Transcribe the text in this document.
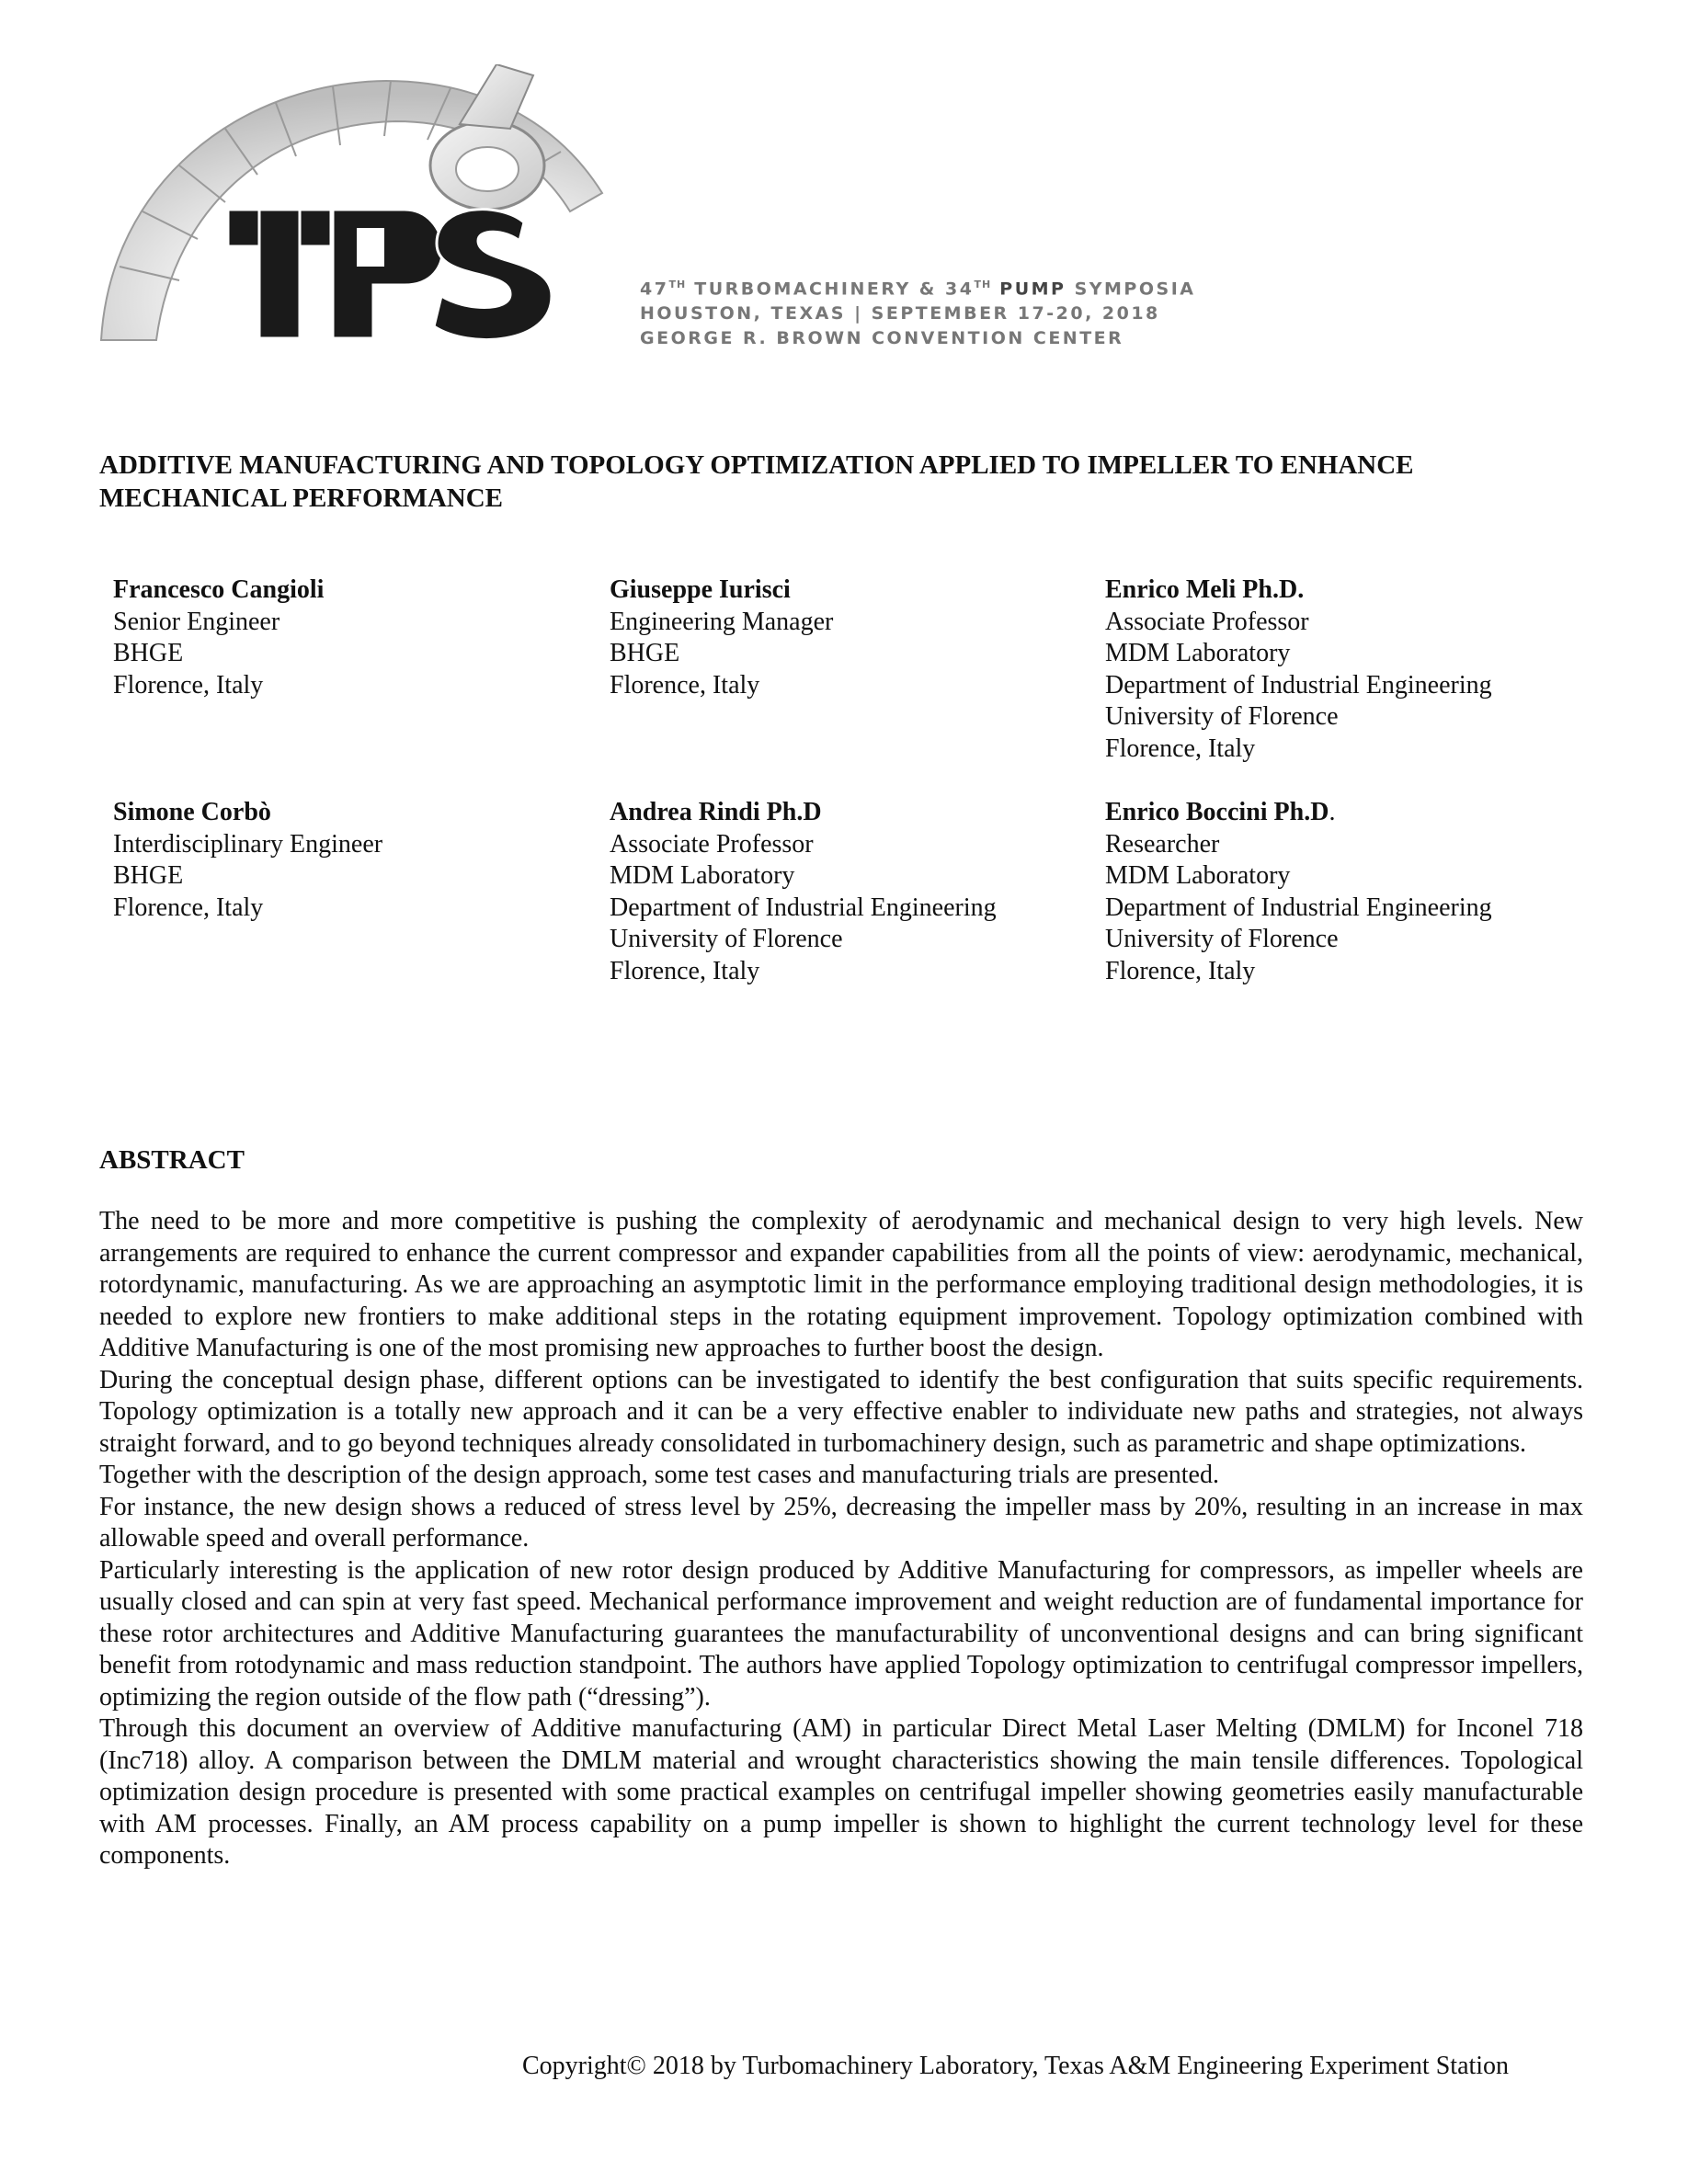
TPS
47TH TURBOMACHINERY & 34TH PUMP SYMPOSIA
HOUSTON, TEXAS | SEPTEMBER 17-20, 2018
GEORGE R. BROWN CONVENTION CENTER
ADDITIVE MANUFACTURING AND TOPOLOGY OPTIMIZATION APPLIED TO IMPELLER TO ENHANCE
MECHANICAL PERFORMANCE
Francesco Cangioli
Senior Engineer
BHGE
Florence, Italy
Giuseppe Iurisci
Engineering Manager
BHGE
Florence, Italy
Enrico Meli Ph.D.
Associate Professor
MDM Laboratory
Department of Industrial Engineering
University of Florence
Florence, Italy
Simone Corbò
Interdisciplinary Engineer
BHGE
Florence, Italy
Andrea Rindi Ph.D
Associate Professor
MDM Laboratory
Department of Industrial Engineering
University of Florence
Florence, Italy
Enrico Boccini Ph.D.
Researcher
MDM Laboratory
Department of Industrial Engineering
University of Florence
Florence, Italy
ABSTRACT

The need to be more and more competitive is pushing the complexity of aerodynamic and mechanical design to very high levels. New arrangements are required to enhance the current compressor and expander capabilities from all the points of view: aerodynamic, mechanical, rotordynamic, manufacturing. As we are approaching an asymptotic limit in the performance employing traditional design methodologies, it is needed to explore new frontiers to make additional steps in the rotating equipment improvement. Topology optimization combined with Additive Manufacturing is one of the most promising new approaches to further boost the design.

During the conceptual design phase, different options can be investigated to identify the best configuration that suits specific requirements. Topology optimization is a totally new approach and it can be a very effective enabler to individuate new paths and strategies, not always straight forward, and to go beyond techniques already consolidated in turbomachinery design, such as parametric and shape optimizations.

Together with the description of the design approach, some test cases and manufacturing trials are presented.

For instance, the new design shows a reduced of stress level by 25%, decreasing the impeller mass by 20%, resulting in an increase in max allowable speed and overall performance.

Particularly interesting is the application of new rotor design produced by Additive Manufacturing for compressors, as impeller wheels are usually closed and can spin at very fast speed. Mechanical performance improvement and weight reduction are of fundamental importance for these rotor architectures and Additive Manufacturing guarantees the manufacturability of unconventional designs and can bring significant benefit from rotodynamic and mass reduction standpoint. The authors have applied Topology optimization to centrifugal compressor impellers, optimizing the region outside of the flow path (“dressing”).

Through this document an overview of Additive manufacturing (AM) in particular Direct Metal Laser Melting (DMLM) for Inconel 718 (Inc718) alloy. A comparison between the DMLM material and wrought characteristics showing the main tensile differences. Topological optimization design procedure is presented with some practical examples on centrifugal impeller showing geometries easily manufacturable with AM processes. Finally, an AM process capability on a pump impeller is shown to highlight the current technology level for these components.

Copyright© 2018 by Turbomachinery Laboratory, Texas A&M Engineering Experiment Station
